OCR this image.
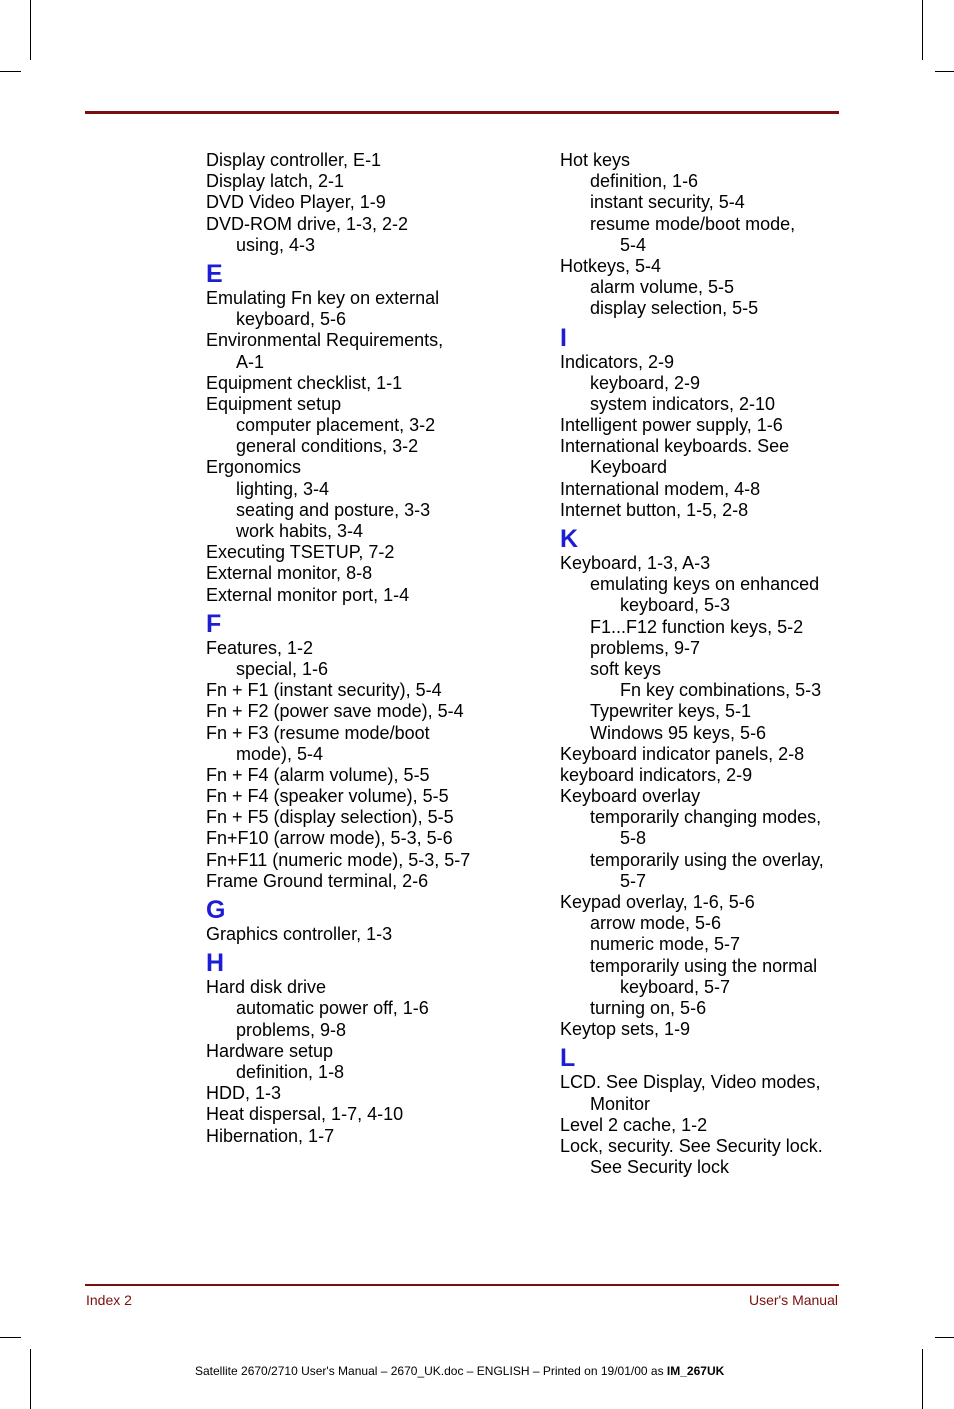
Display controller, E-1
Display latch, 2-1
DVD Video Player, 1-9
DVD-ROM drive, 1-3, 2-2
using, 4-3
E
Emulating Fn key on external
keyboard, 5-6
Environmental Requirements,
A-1
Equipment checklist, 1-1
Equipment setup
computer placement, 3-2
general conditions, 3-2
Ergonomics
lighting, 3-4
seating and posture, 3-3
work habits, 3-4
Executing TSETUP, 7-2
External monitor, 8-8
External monitor port, 1-4
F
Features, 1-2
special, 1-6
Fn + F1 (instant security), 5-4
Fn + F2 (power save mode), 5-4
Fn + F3 (resume mode/boot
mode), 5-4
Fn + F4 (alarm volume), 5-5
Fn + F4 (speaker volume), 5-5
Fn + F5 (display selection), 5-5
Fn+F10 (arrow mode), 5-3, 5-6
Fn+F11 (numeric mode), 5-3, 5-7
Frame Ground terminal, 2-6
G
Graphics controller, 1-3
H
Hard disk drive
automatic power off, 1-6
problems, 9-8
Hardware setup
definition, 1-8
HDD, 1-3
Heat dispersal, 1-7, 4-10
Hibernation, 1-7
Hot keys
definition, 1-6
instant security, 5-4
resume mode/boot mode,
5-4
Hotkeys, 5-4
alarm volume, 5-5
display selection, 5-5
I
Indicators, 2-9
keyboard, 2-9
system indicators, 2-10
Intelligent power supply, 1-6
International keyboards. See
Keyboard
International modem, 4-8
Internet button, 1-5, 2-8
K
Keyboard, 1-3, A-3
emulating keys on enhanced
keyboard, 5-3
F1...F12 function keys, 5-2
problems, 9-7
soft keys
Fn key combinations, 5-3
Typewriter keys, 5-1
Windows 95 keys, 5-6
Keyboard indicator panels, 2-8
keyboard indicators, 2-9
Keyboard overlay
temporarily changing modes,
5-8
temporarily using the overlay,
5-7
Keypad overlay, 1-6, 5-6
arrow mode, 5-6
numeric mode, 5-7
temporarily using the normal
keyboard, 5-7
turning on, 5-6
Keytop sets, 1-9
L
LCD. See Display, Video modes,
Monitor
Level 2 cache, 1-2
Lock, security. See Security lock.
See Security lock
Index 2	User's Manual
Satellite 2670/2710 User's Manual – 2670_UK.doc – ENGLISH – Printed on 19/01/00 as IM_267UK
